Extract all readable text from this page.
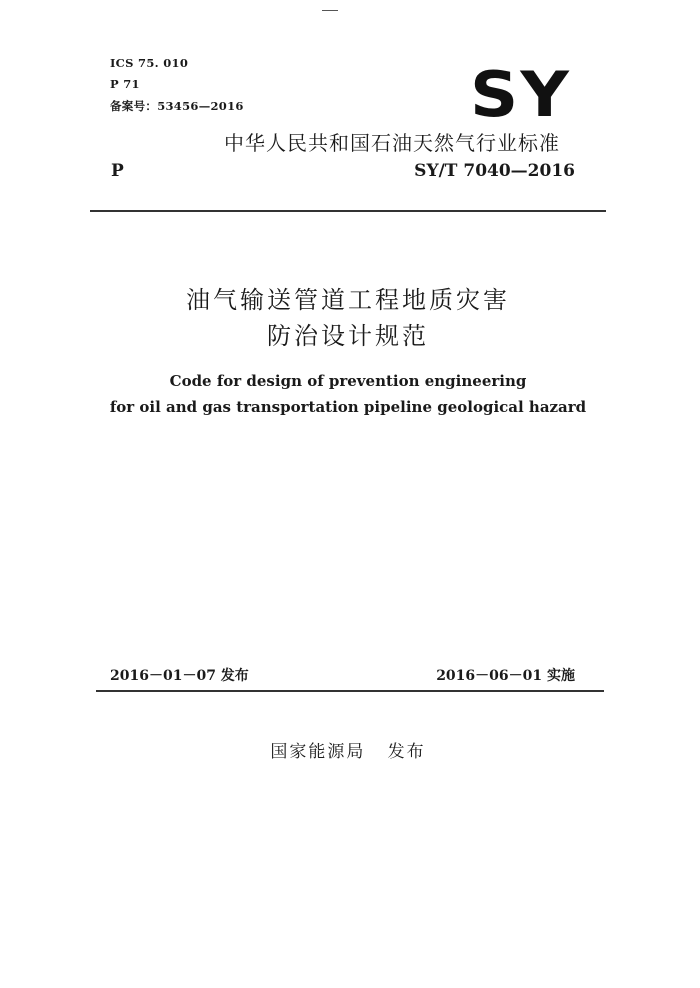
ICS 75. 010
P 71
备案号：53456—2016	SY
中华人民共和国石油天然气行业标准
P	SY/T 7040—2016
油气输送管道工程地质灾害
防治设计规范
Code for design of prevention engineering
for oil and gas transportation pipeline geological hazard
2016－01－07 发布	2016－06－01 实施
国家能源局   发布
